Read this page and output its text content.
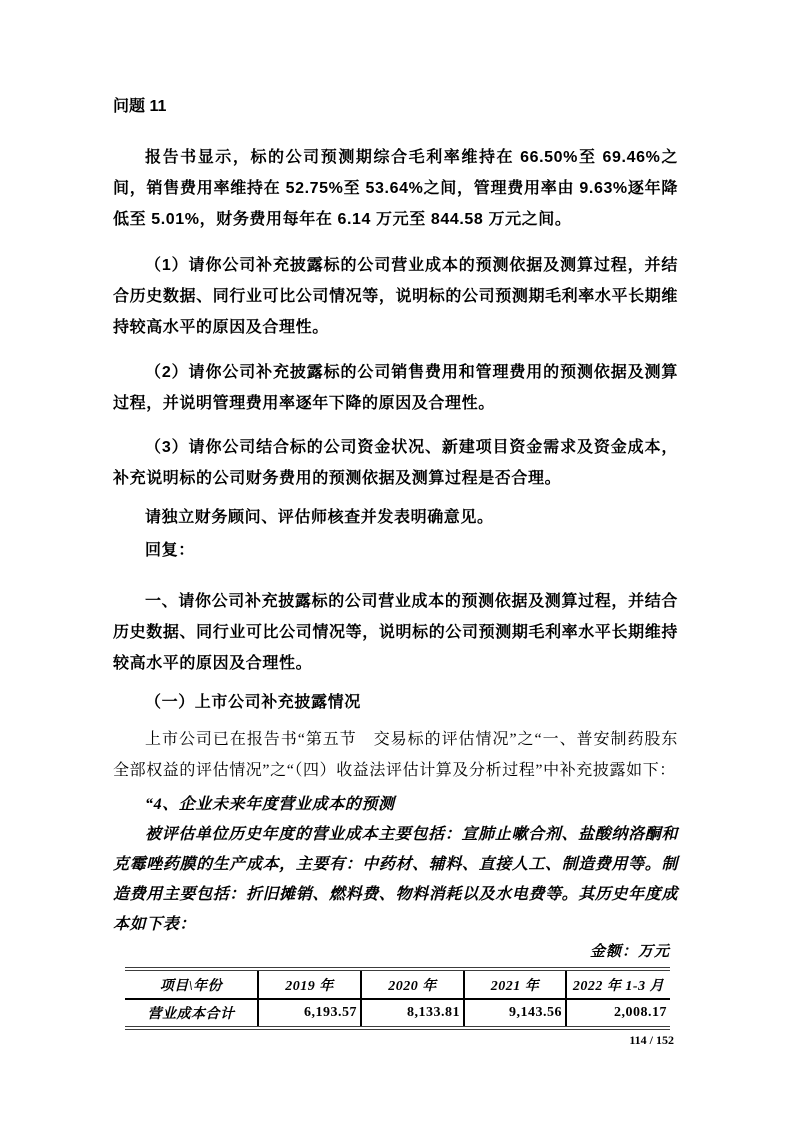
问题 11

报告书显示，标的公司预测期综合毛利率维持在 66.50%至 69.46%之间，销售费用率维持在 52.75%至 53.64%之间，管理费用率由 9.63%逐年降低至 5.01%，财务费用每年在 6.14 万元至 844.58 万元之间。

（1）请你公司补充披露标的公司营业成本的预测依据及测算过程，并结合历史数据、同行业可比公司情况等，说明标的公司预测期毛利率水平长期维持较高水平的原因及合理性。

（2）请你公司补充披露标的公司销售费用和管理费用的预测依据及测算过程，并说明管理费用率逐年下降的原因及合理性。

（3）请你公司结合标的公司资金状况、新建项目资金需求及资金成本，补充说明标的公司财务费用的预测依据及测算过程是否合理。

请独立财务顾问、评估师核查并发表明确意见。

回复：

一、请你公司补充披露标的公司营业成本的预测依据及测算过程，并结合历史数据、同行业可比公司情况等，说明标的公司预测期毛利率水平长期维持较高水平的原因及合理性。

（一）上市公司补充披露情况

上市公司已在报告书“第五节　交易标的评估情况”之“一、普安制药股东全部权益的评估情况”之“（四）收益法评估计算及分析过程”中补充披露如下：

“4、企业未来年度营业成本的预测

被评估单位历史年度的营业成本主要包括：宣肺止嗽合剂、盐酸纳洛酮和克霉唑药膜的生产成本，主要有：中药材、辅料、直接人工、制造费用等。制造费用主要包括：折旧摊销、燃料费、物料消耗以及水电费等。其历史年度成本如下表：

金额：万元
项目\年份	2019 年	2020 年	2021 年	2022 年 1-3 月
营业成本合计	6,193.57	8,133.81	9,143.56	2,008.17
114 / 152
